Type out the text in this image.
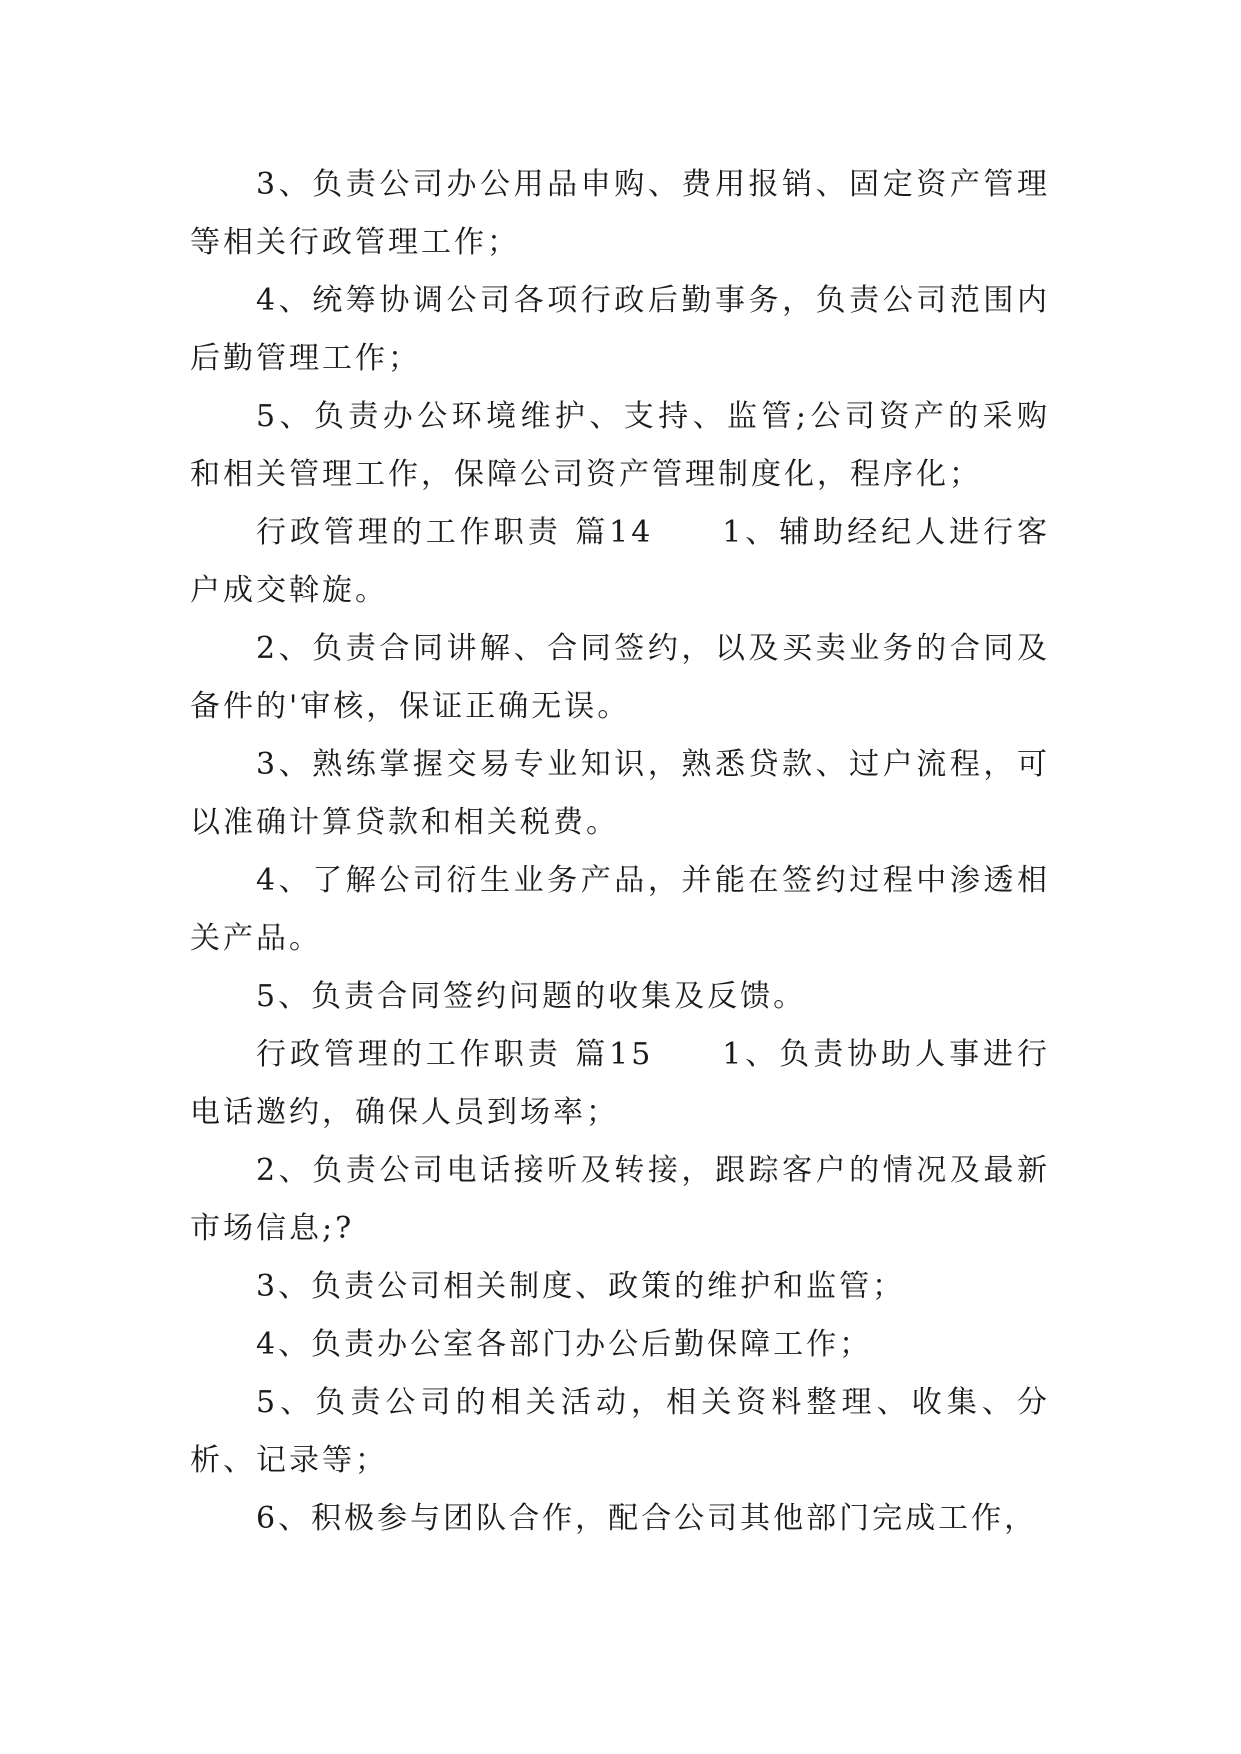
3、负责公司办公用品申购、费用报销、固定资产管理等相关行政管理工作；

4、统筹协调公司各项行政后勤事务，负责公司范围内后勤管理工作；

5、负责办公环境维护、支持、监管;公司资产的采购和相关管理工作，保障公司资产管理制度化，程序化；

行政管理的工作职责 篇14　　1、辅助经纪人进行客户成交斡旋。

2、负责合同讲解、合同签约，以及买卖业务的合同及备件的'审核，保证正确无误。

3、熟练掌握交易专业知识，熟悉贷款、过户流程，可以准确计算贷款和相关税费。

4、了解公司衍生业务产品，并能在签约过程中渗透相关产品。

5、负责合同签约问题的收集及反馈。

行政管理的工作职责 篇15　　1、负责协助人事进行电话邀约，确保人员到场率；

2、负责公司电话接听及转接，跟踪客户的情况及最新市场信息;?

3、负责公司相关制度、政策的维护和监管；

4、负责办公室各部门办公后勤保障工作；

5、负责公司的相关活动，相关资料整理、收集、分析、记录等；

6、积极参与团队合作，配合公司其他部门完成工作，
